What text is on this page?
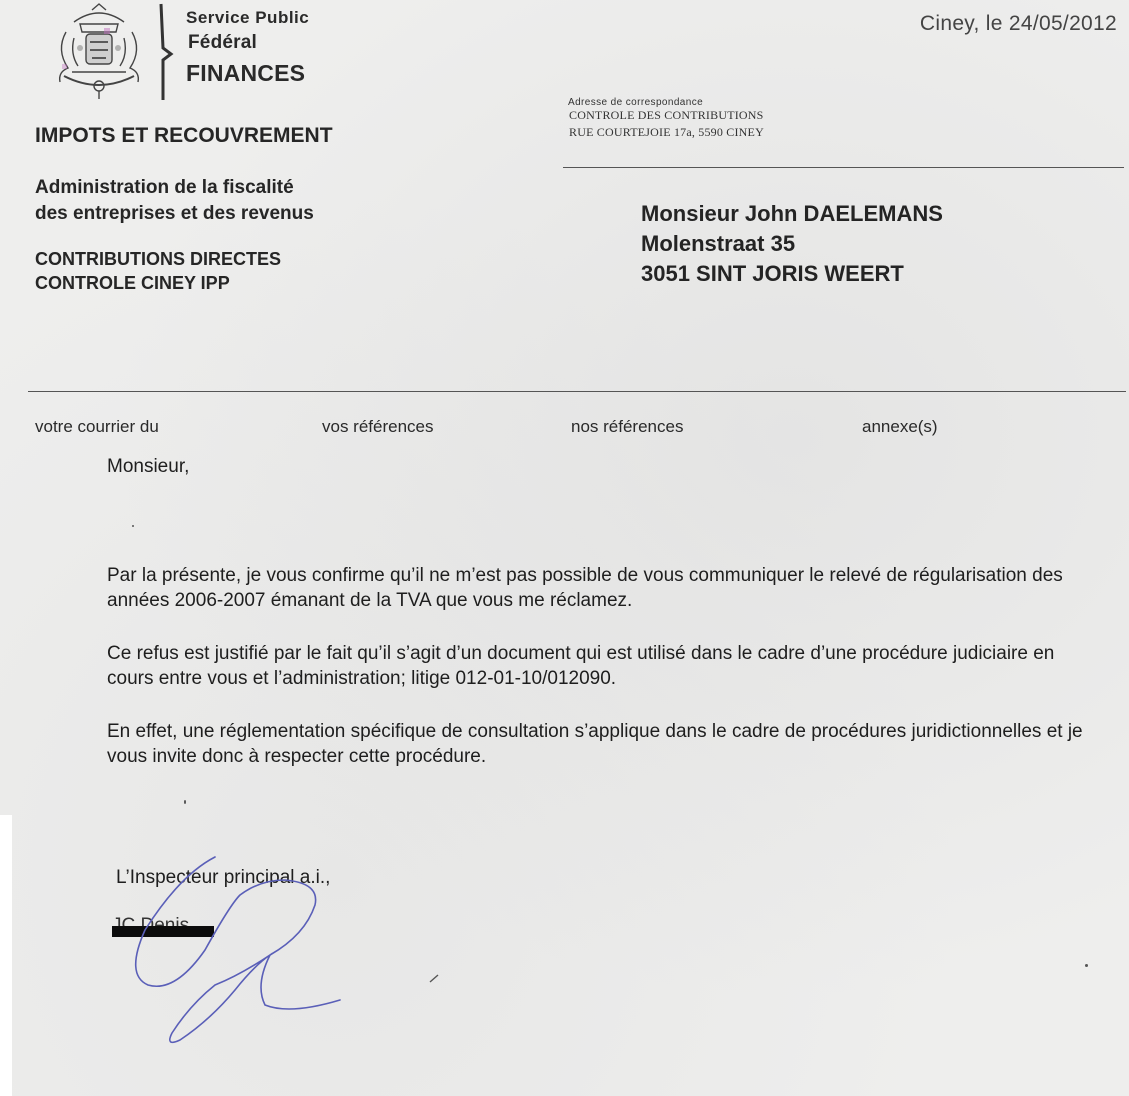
Service Public
Fédéral
FINANCES
Ciney, le 24/05/2012
IMPOTS ET RECOUVREMENT
Administration de la fiscalité
des entreprises et des revenus
CONTRIBUTIONS DIRECTES
CONTROLE CINEY IPP
Adresse de correspondance
CONTROLE DES CONTRIBUTIONS
RUE COURTEJOIE 17a, 5590 CINEY
Monsieur John DAELEMANS
Molenstraat 35
3051 SINT JORIS WEERT
votre courrier du	vos références	nos références	annexe(s)
Monsieur,

Par la présente, je vous confirme qu’il ne m’est pas possible de vous communiquer le relevé de régularisation des années 2006-2007 émanant de la TVA que vous me réclamez.

Ce refus est justifié par le fait qu’il s’agit d’un document qui est utilisé dans le cadre d’une procédure judiciaire en cours entre vous et l’administration; litige 012-01-10/012090.

En effet, une réglementation spécifique de consultation s’applique dans le cadre de procédures juridictionnelles et je vous invite donc à respecter cette procédure.

L’Inspecteur principal a.i.,
